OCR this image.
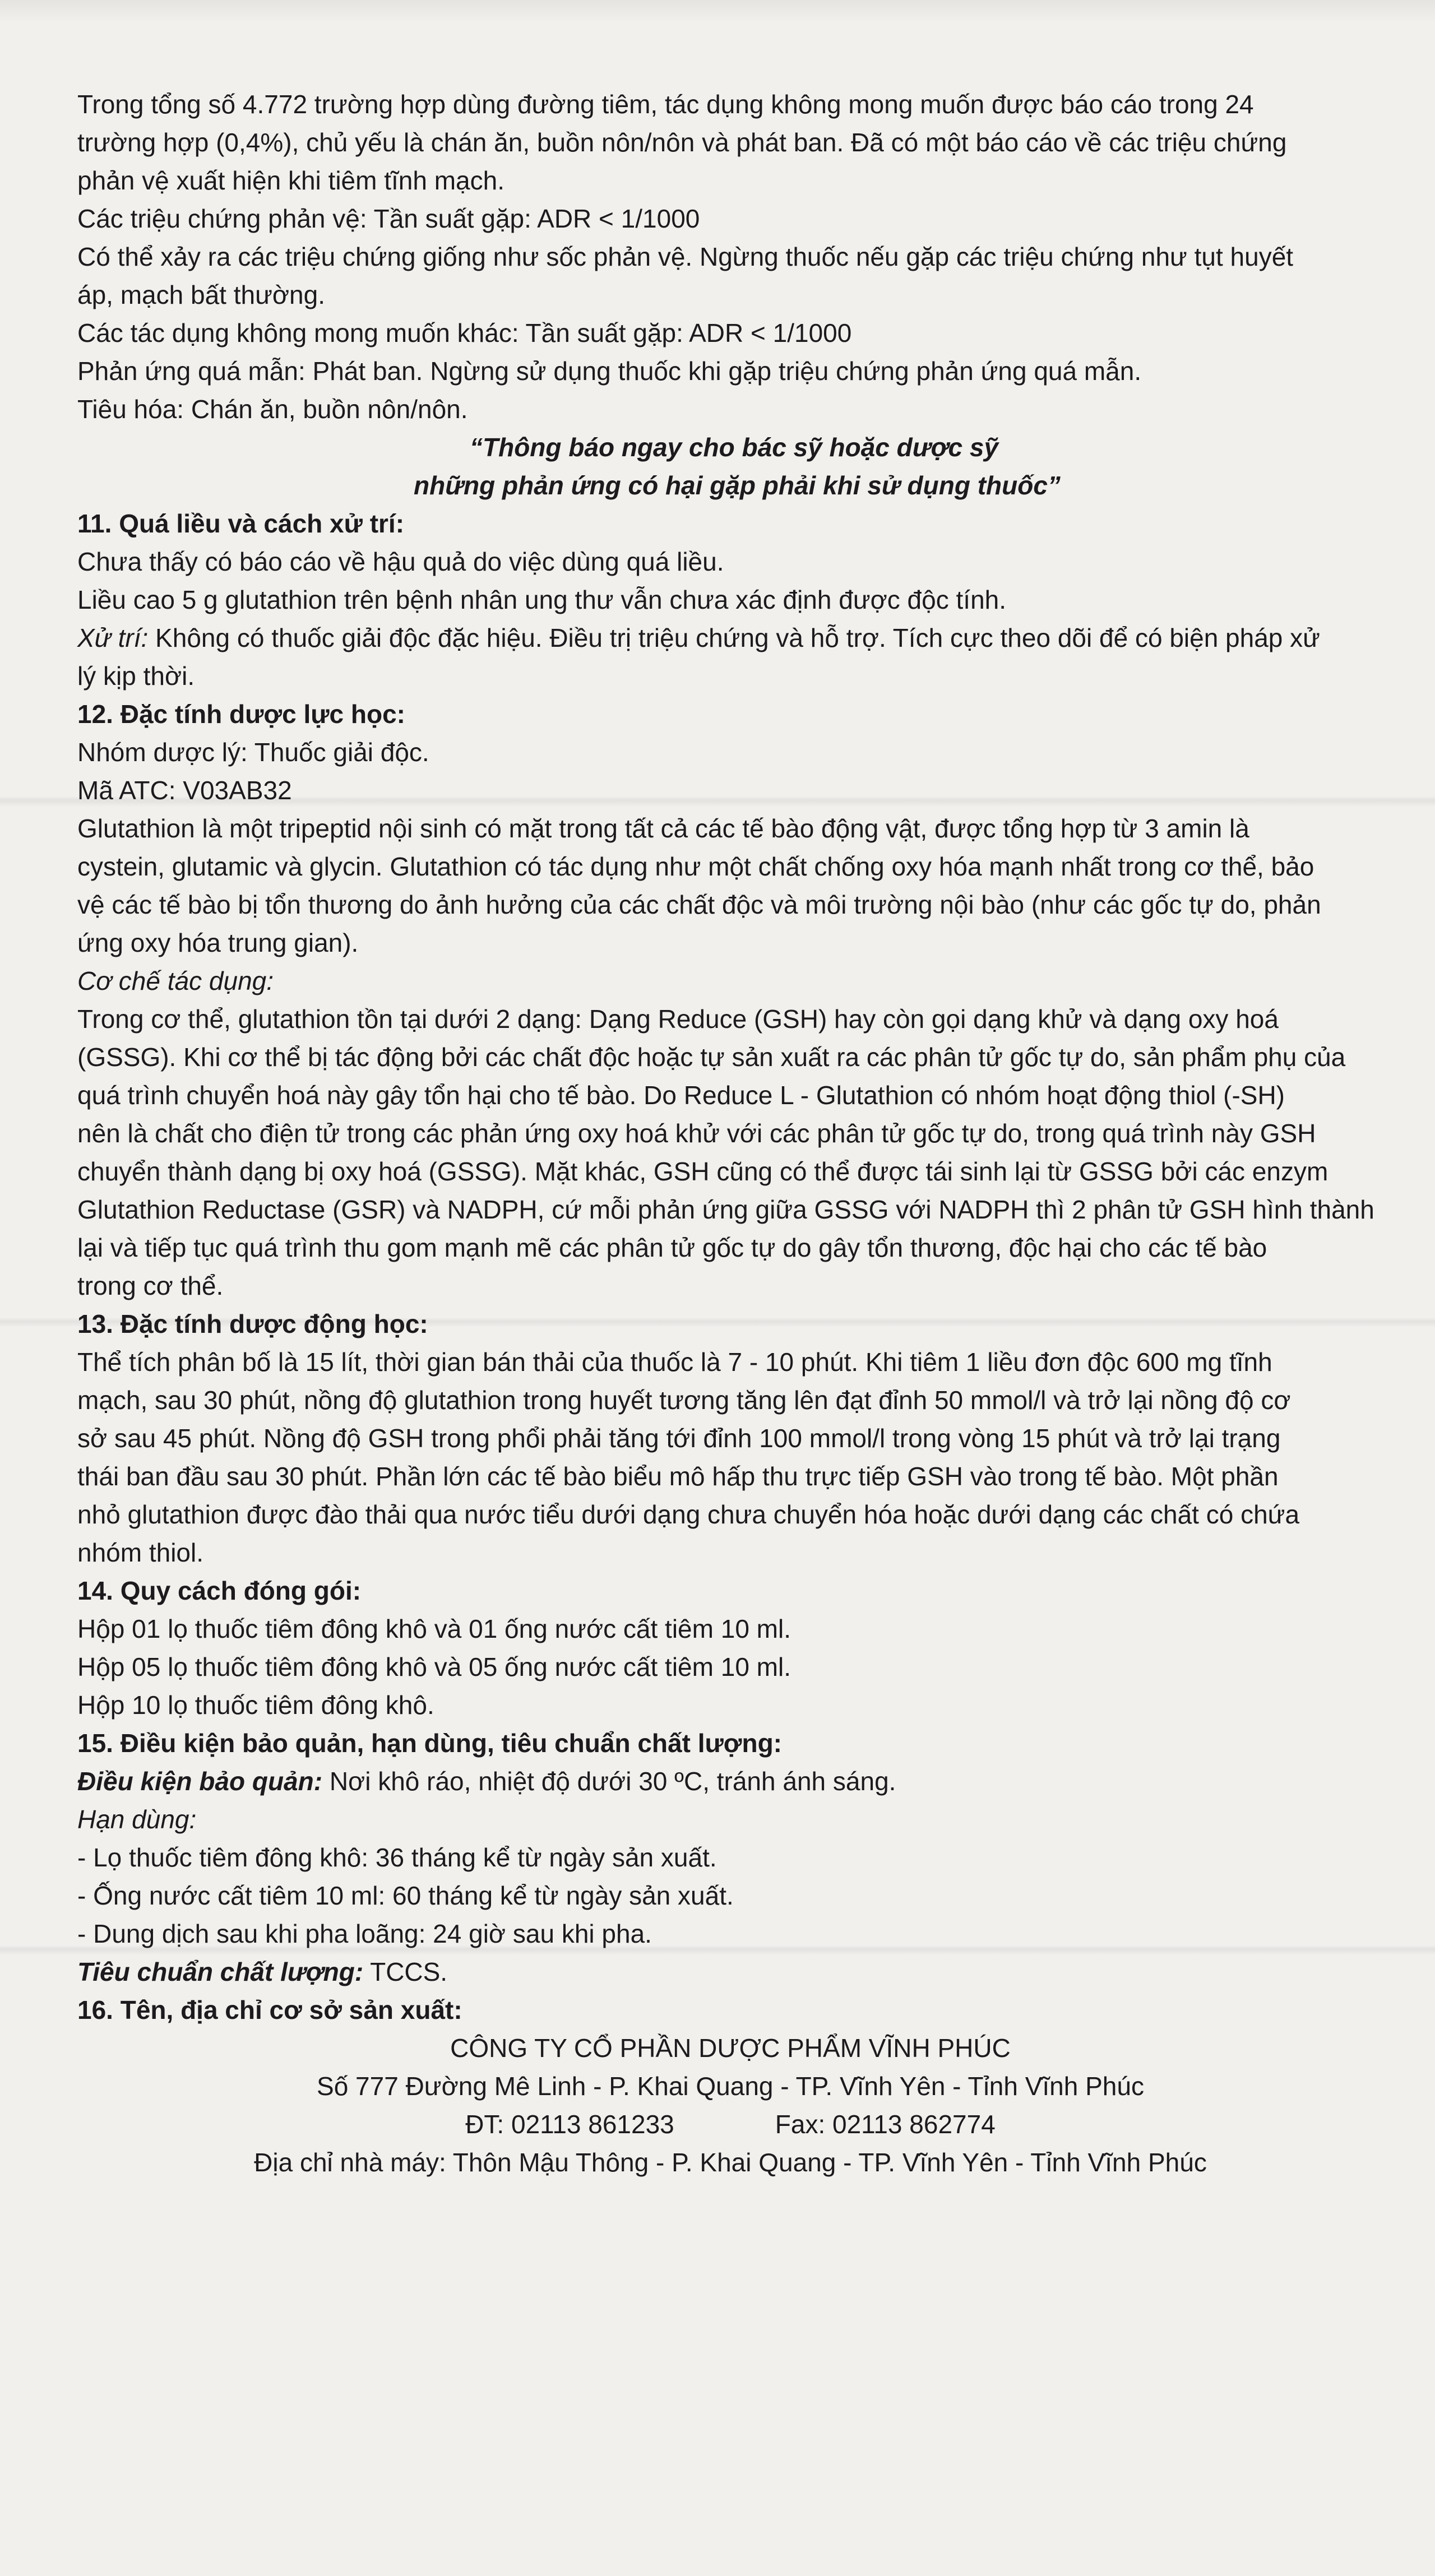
Trong tổng số 4.772 trường hợp dùng đường tiêm, tác dụng không mong muốn được báo cáo trong 24

trường hợp (0,4%), chủ yếu là chán ăn, buồn nôn/nôn và phát ban. Đã có một báo cáo về các triệu chứng

phản vệ xuất hiện khi tiêm tĩnh mạch.

Các triệu chứng phản vệ: Tần suất gặp: ADR < 1/1000

Có thể xảy ra các triệu chứng giống như sốc phản vệ. Ngừng thuốc nếu gặp các triệu chứng như tụt huyết

áp, mạch bất thường.

Các tác dụng không mong muốn khác: Tần suất gặp: ADR < 1/1000

Phản ứng quá mẫn: Phát ban. Ngừng sử dụng thuốc khi gặp triệu chứng phản ứng quá mẫn.

Tiêu hóa: Chán ăn, buồn nôn/nôn.

“Thông báo ngay cho bác sỹ hoặc dược sỹ

những phản ứng có hại gặp phải khi sử dụng thuốc”

11. Quá liều và cách xử trí:

Chưa thấy có báo cáo về hậu quả do việc dùng quá liều.

Liều cao 5 g glutathion trên bệnh nhân ung thư vẫn chưa xác định được độc tính.

Xử trí: Không có thuốc giải độc đặc hiệu. Điều trị triệu chứng và hỗ trợ. Tích cực theo dõi để có biện pháp xử

lý kịp thời.

12. Đặc tính dược lực học:

Nhóm dược lý: Thuốc giải độc.

Mã ATC: V03AB32

Glutathion là một tripeptid nội sinh có mặt trong tất cả các tế bào động vật, được tổng hợp từ 3 amin là

cystein, glutamic và glycin. Glutathion có tác dụng như một chất chống oxy hóa mạnh nhất trong cơ thể, bảo

vệ các tế bào bị tổn thương do ảnh hưởng của các chất độc và môi trường nội bào (như các gốc tự do, phản

ứng oxy hóa trung gian).

Cơ chế tác dụng:

Trong cơ thể, glutathion tồn tại dưới 2 dạng: Dạng Reduce (GSH) hay còn gọi dạng khử và dạng oxy hoá

(GSSG). Khi cơ thể bị tác động bởi các chất độc hoặc tự sản xuất ra các phân tử gốc tự do, sản phẩm phụ của

quá trình chuyển hoá này gây tổn hại cho tế bào. Do Reduce L - Glutathion có nhóm hoạt động thiol (-SH)

nên là chất cho điện tử trong các phản ứng oxy hoá khử với các phân tử gốc tự do, trong quá trình này GSH

chuyển thành dạng bị oxy hoá (GSSG). Mặt khác, GSH cũng có thể được tái sinh lại từ GSSG bởi các enzym

Glutathion Reductase (GSR) và NADPH, cứ mỗi phản ứng giữa GSSG với NADPH thì 2 phân tử GSH hình thành

lại và tiếp tục quá trình thu gom mạnh mẽ các phân tử gốc tự do gây tổn thương, độc hại cho các tế bào

trong cơ thể.

13. Đặc tính dược động học:

Thể tích phân bố là 15 lít, thời gian bán thải của thuốc là 7 - 10 phút. Khi tiêm 1 liều đơn độc 600 mg tĩnh

mạch, sau 30 phút, nồng độ glutathion trong huyết tương tăng lên đạt đỉnh 50 mmol/l và trở lại nồng độ cơ

sở sau 45 phút. Nồng độ GSH trong phổi phải tăng tới đỉnh 100 mmol/l trong vòng 15 phút và trở lại trạng

thái ban đầu sau 30 phút. Phần lớn các tế bào biểu mô hấp thu trực tiếp GSH vào trong tế bào. Một phần

nhỏ glutathion được đào thải qua nước tiểu dưới dạng chưa chuyển hóa hoặc dưới dạng các chất có chứa

nhóm thiol.

14. Quy cách đóng gói:

Hộp 01 lọ thuốc tiêm đông khô và 01 ống nước cất tiêm 10 ml.

Hộp 05 lọ thuốc tiêm đông khô và 05 ống nước cất tiêm 10 ml.

Hộp 10 lọ thuốc tiêm đông khô.

15. Điều kiện bảo quản, hạn dùng, tiêu chuẩn chất lượng:

Điều kiện bảo quản: Nơi khô ráo, nhiệt độ dưới 30 ºC, tránh ánh sáng.

Hạn dùng:

- Lọ thuốc tiêm đông khô: 36 tháng kể từ ngày sản xuất.

- Ống nước cất tiêm 10 ml: 60 tháng kể từ ngày sản xuất.

- Dung dịch sau khi pha loãng: 24 giờ sau khi pha.

Tiêu chuẩn chất lượng: TCCS.

16. Tên, địa chỉ cơ sở sản xuất:

CÔNG TY CỔ PHẦN DƯỢC PHẨM VĨNH PHÚC

Số 777 Đường Mê Linh - P. Khai Quang - TP. Vĩnh Yên - Tỉnh Vĩnh Phúc

ĐT: 02113 861233	Fax: 02113 862774

Địa chỉ nhà máy: Thôn Mậu Thông - P. Khai Quang - TP. Vĩnh Yên - Tỉnh Vĩnh Phúc
